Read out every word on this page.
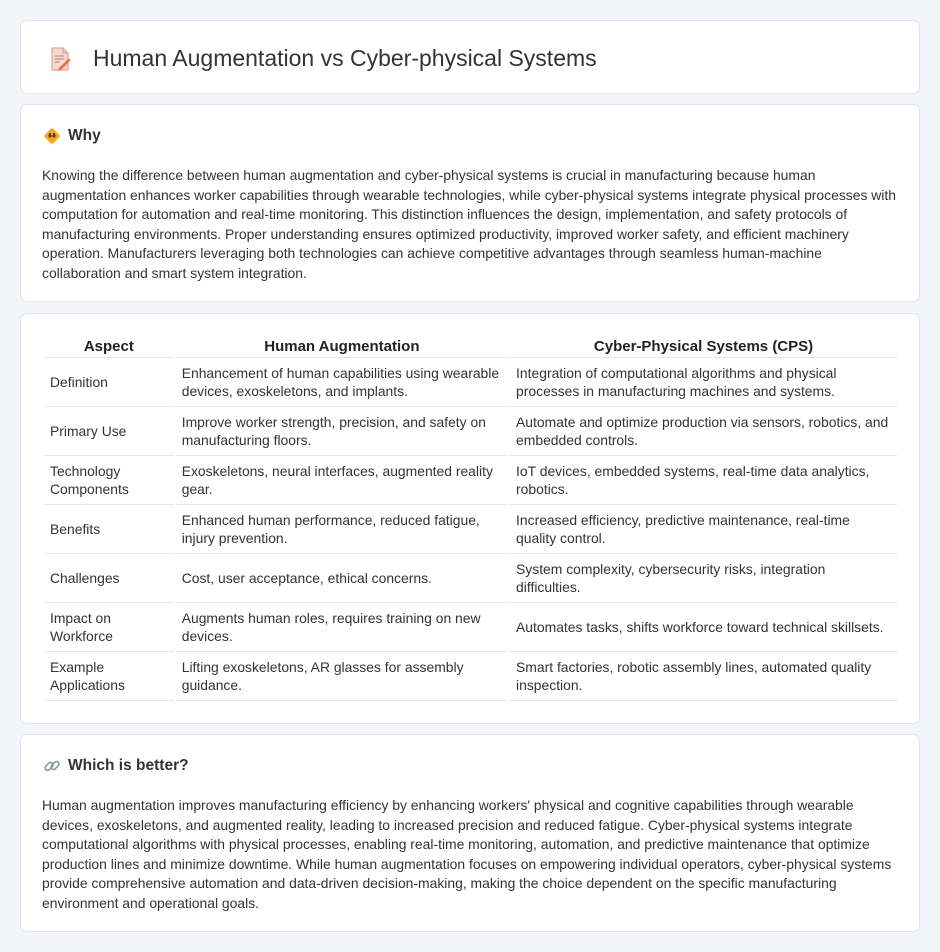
Human Augmentation vs Cyber-physical Systems
Why

Knowing the difference between human augmentation and cyber-physical systems is crucial in manufacturing because human augmentation enhances worker capabilities through wearable technologies, while cyber-physical systems integrate physical processes with computation for automation and real-time monitoring. This distinction influences the design, implementation, and safety protocols of manufacturing environments. Proper understanding ensures optimized productivity, improved worker safety, and efficient machinery operation. Manufacturers leveraging both technologies can achieve competitive advantages through seamless human-machine collaboration and smart system integration.

Aspect	Human Augmentation	Cyber-Physical Systems (CPS)
Definition	Enhancement of human capabilities using wearable devices, exoskeletons, and implants.	Integration of computational algorithms and physical processes in manufacturing machines and systems.
Primary Use	Improve worker strength, precision, and safety on manufacturing floors.	Automate and optimize production via sensors, robotics, and embedded controls.
Technology Components	Exoskeletons, neural interfaces, augmented reality gear.	IoT devices, embedded systems, real-time data analytics, robotics.
Benefits	Enhanced human performance, reduced fatigue, injury prevention.	Increased efficiency, predictive maintenance, real-time quality control.
Challenges	Cost, user acceptance, ethical concerns.	System complexity, cybersecurity risks, integration difficulties.
Impact on Workforce	Augments human roles, requires training on new devices.	Automates tasks, shifts workforce toward technical skillsets.
Example Applications	Lifting exoskeletons, AR glasses for assembly guidance.	Smart factories, robotic assembly lines, automated quality inspection.
Which is better?

Human augmentation improves manufacturing efficiency by enhancing workers' physical and cognitive capabilities through wearable devices, exoskeletons, and augmented reality, leading to increased precision and reduced fatigue. Cyber-physical systems integrate computational algorithms with physical processes, enabling real-time monitoring, automation, and predictive maintenance that optimize production lines and minimize downtime. While human augmentation focuses on empowering individual operators, cyber-physical systems provide comprehensive automation and data-driven decision-making, making the choice dependent on the specific manufacturing environment and operational goals.
